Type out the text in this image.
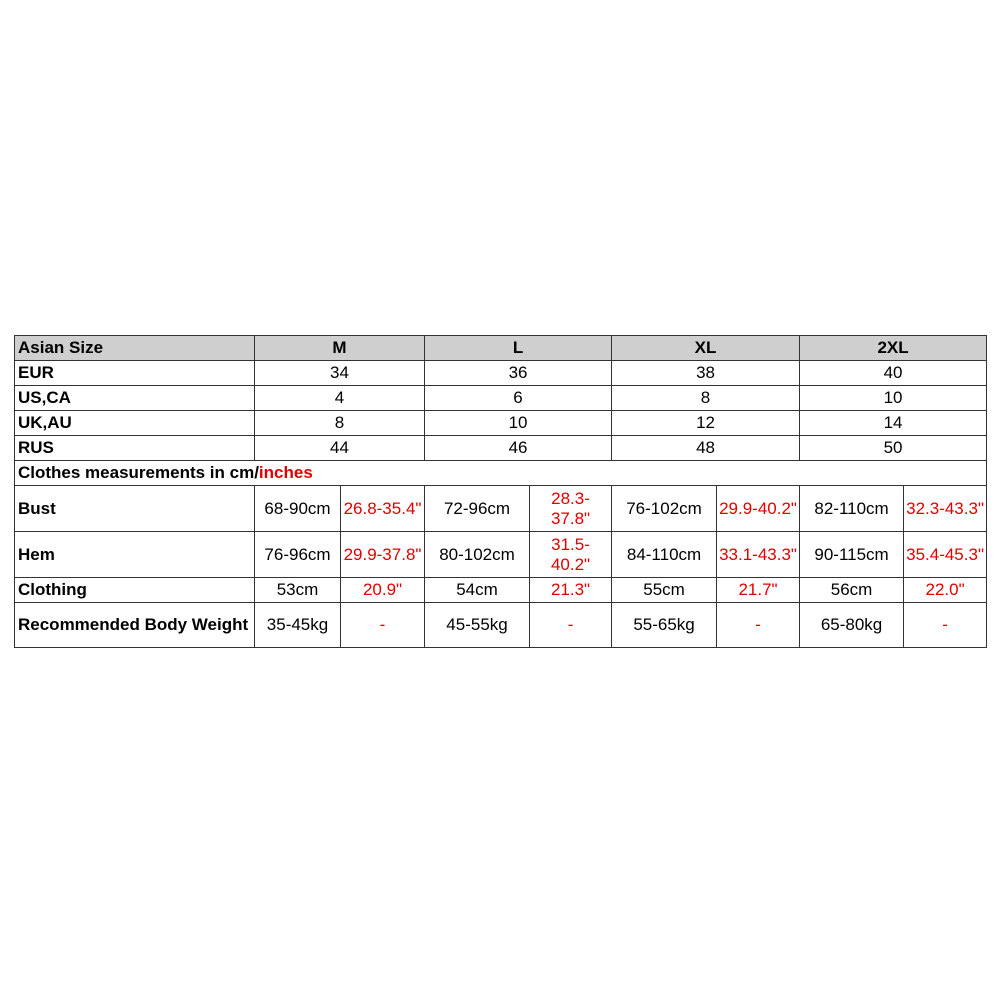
Asian Size	M		L		XL		2XL	
EUR	34		36		38		40	
US,CA	4		6		8		10	
UK,AU	8		10		12		14	
RUS	44		46		48		50	
Clothes measurements in cm/inches								
Bust	68-90cm	26.8-35.4"	72-96cm	28.3-37.8"	76-102cm	29.9-40.2"	82-110cm	32.3-43.3"
Hem	76-96cm	29.9-37.8"	80-102cm	31.5-40.2"	84-110cm	33.1-43.3"	90-115cm	35.4-45.3"
Clothing	53cm	20.9"	54cm	21.3"	55cm	21.7"	56cm	22.0"
Recommended Body Weight	35-45kg	-	45-55kg	-	55-65kg	-	65-80kg	-
